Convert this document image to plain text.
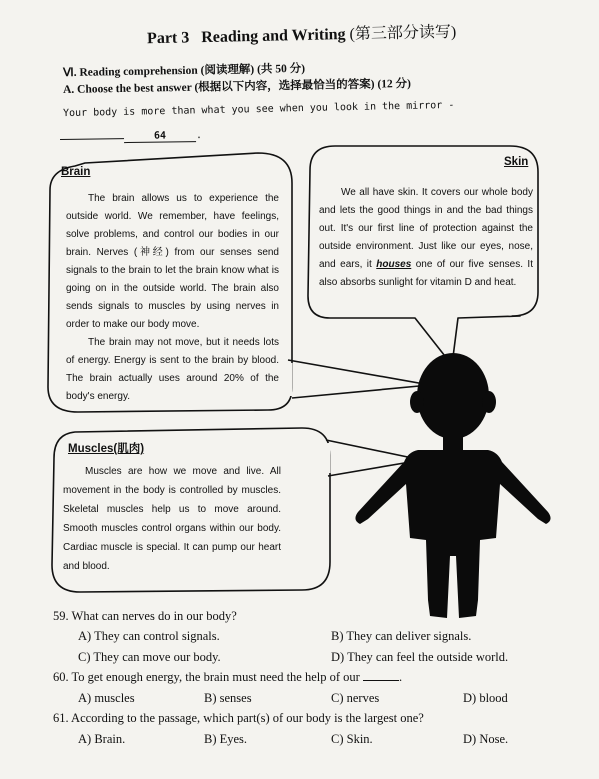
Part 3 Reading and Writing (第三部分读写)
Ⅵ. Reading comprehension (阅读理解) (共 50 分)
A. Choose the best answer (根据以下内容，选择最恰当的答案) (12 分)
Your body is more than what you see when you look in the mirror -
64	.
Brain
The brain allows us to experience the outside world. We remember, have feelings, solve problems, and control our bodies in our brain. Nerves (神经) from our senses send signals to the brain to let the brain know what is going on in the outside world. The brain also sends signals to muscles by using nerves in order to make our body move.
The brain may not move, but it needs lots of energy. Energy is sent to the brain by blood. The brain actually uses around 20% of the body's energy.
Skin
We all have skin. It covers our whole body and lets the good things in and the bad things out. It's our first line of protection against the outside environment. Just like our eyes, nose, and ears, it houses one of our five senses. It also absorbs sunlight for vitamin D and heat.
Muscles(肌肉)
Muscles are how we move and live. All movement in the body is controlled by muscles. Skeletal muscles help us to move around. Smooth muscles control organs within our body. Cardiac muscle is special. It can pump our heart and blood.
59. What can nerves do in our body?
A) They can control signals.	B) They can deliver signals.
C) They can move our body.	D) They can feel the outside world.
60. To get enough energy, the brain must need the help of our	.
A) muscles	B) senses	C) nerves	D) blood
61. According to the passage, which part(s) of our body is the largest one?
A) Brain.	B) Eyes.	C) Skin.	D) Nose.
